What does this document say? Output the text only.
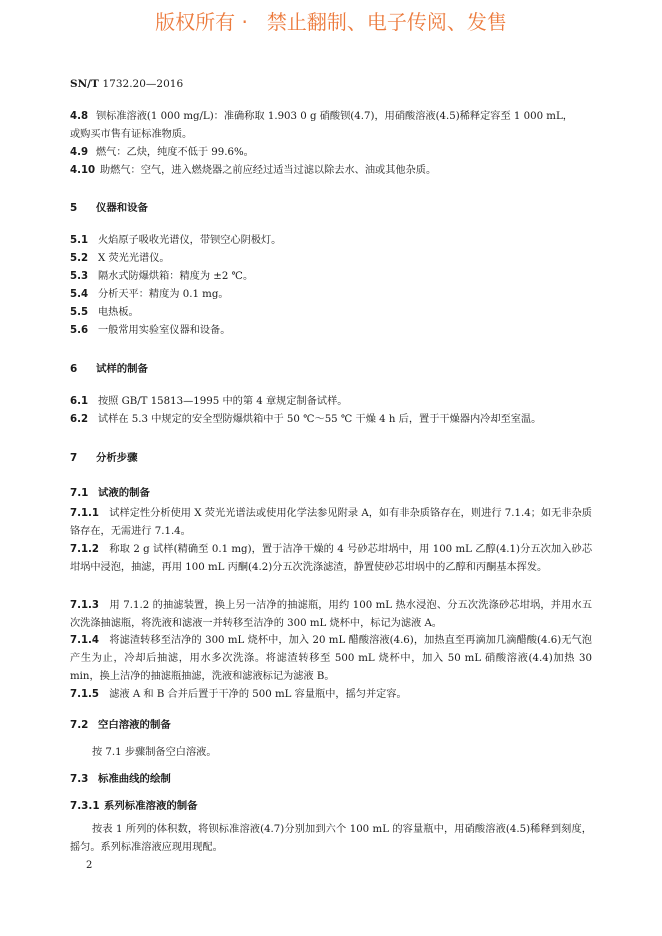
版权所有 ·   禁止翻制、电子传阅、发售
SN/T 1732.20—2016
4.8 钡标准溶液(1 000 mg/L)：准确称取 1.903 0 g 硝酸钡(4.7)，用硝酸溶液(4.5)稀释定容至 1 000 mL，
或购买市售有证标准物质。
4.9 燃气：乙炔，纯度不低于 99.6%。
4.10 助燃气：空气，进入燃烧器之前应经过适当过滤以除去水、油或其他杂质。
5 仪器和设备
5.1 火焰原子吸收光谱仪，带钡空心阴极灯。
5.2 X 荧光光谱仪。
5.3 隔水式防爆烘箱：精度为 ±2 ℃。
5.4 分析天平：精度为 0.1 mg。
5.5 电热板。
5.6 一般常用实验室仪器和设备。
6 试样的制备
6.1 按照 GB/T 15813—1995 中的第 4 章规定制备试样。
6.2 试样在 5.3 中规定的安全型防爆烘箱中于 50 ℃～55 ℃ 干燥 4 h 后，置于干燥器内冷却至室温。
7 分析步骤
7.1 试液的制备
7.1.1　 试样定性分析使用 X 荧光光谱法或使用化学法参见附录 A，如有非杂质铬存在，则进行 7.1.4；如无非杂质铬存在，无需进行 7.1.4。
7.1.2　 称取 2 g 试样(精确至 0.1 mg)，置于洁净干燥的 4 号砂芯坩埚中，用 100 mL 乙醇(4.1)分五次加入砂芯坩埚中浸泡，抽滤，再用 100 mL 丙酮(4.2)分五次洗涤滤渣，静置使砂芯坩埚中的乙醇和丙酮基本挥发。
7.1.3　 用 7.1.2 的抽滤装置，换上另一洁净的抽滤瓶，用约 100 mL 热水浸泡、分五次洗涤砂芯坩埚，并用水五次洗涤抽滤瓶，将洗液和滤液一并转移至洁净的 300 mL 烧杯中，标记为滤液 A。
7.1.4　 将滤渣转移至洁净的 300 mL 烧杯中，加入 20 mL 醋酸溶液(4.6)，加热直至再滴加几滴醋酸(4.6)无气泡产生为止，冷却后抽滤，用水多次洗涤。将滤渣转移至 500 mL 烧杯中，加入 50 mL 硝酸溶液(4.4)加热 30 min，换上洁净的抽滤瓶抽滤，洗液和滤液标记为滤液 B。
7.1.5　 滤液 A 和 B 合并后置于干净的 500 mL 容量瓶中，摇匀并定容。
7.2 空白溶液的制备
按 7.1 步骤制备空白溶液。
7.3 标准曲线的绘制
7.3.1 系列标准溶液的制备
按表 1 所列的体积数，将钡标准溶液(4.7)分别加到六个 100 mL 的容量瓶中，用硝酸溶液(4.5)稀释到刻度，摇匀。系列标准溶液应现用现配。
2
